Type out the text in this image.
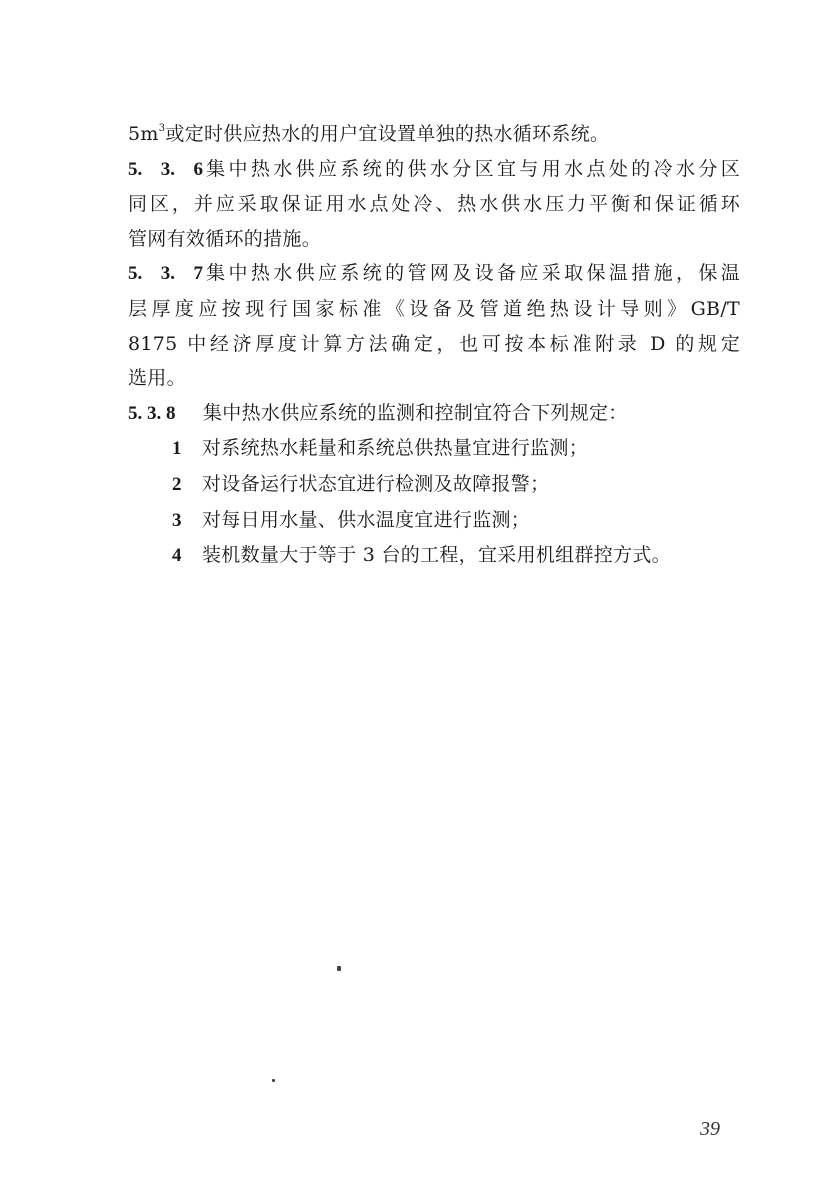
$5m^3$或定时供应热水的用户宜设置单独的热水循环系统。
5. 3. 6集中热水供应系统的供水分区宜与用水点处的冷水分区
同区，并应采取保证用水点处冷、热水供水压力平衡和保证循环
管网有效循环的措施。
5. 3. 7集中热水供应系统的管网及设备应采取保温措施，保温
层厚度应按现行国家标准《设备及管道绝热设计导则》GB/T
8175 中经济厚度计算方法确定，也可按本标准附录 D 的规定
选用。
5. 3. 8 集中热水供应系统的监测和控制宜符合下列规定：
1 对系统热水耗量和系统总供热量宜进行监测；
2 对设备运行状态宜进行检测及故障报警；
3 对每日用水量、供水温度宜进行监测；
4 装机数量大于等于 3 台的工程，宜采用机组群控方式。
39
